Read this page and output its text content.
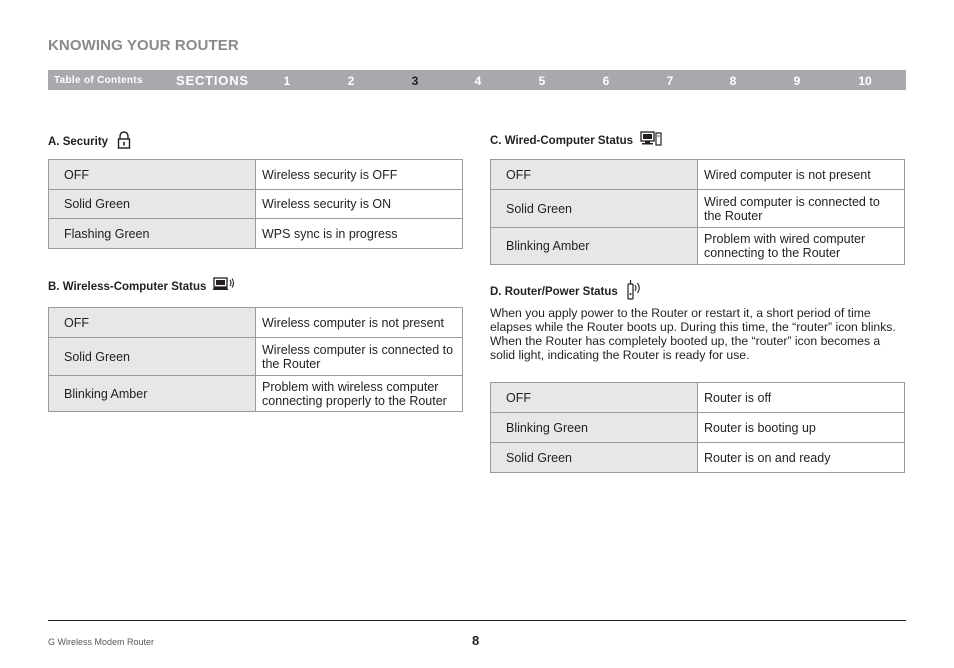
KNOWING YOUR ROUTER
Table of Contents	SECTIONS	1	2	3	4	5	6	7	8	9	10
A. Security
OFF	Wireless security is OFF
Solid Green	Wireless security is ON
Flashing Green	WPS sync is in progress
B. Wireless-Computer Status
OFF	Wireless computer is not present
Solid Green	Wireless computer is connected to the Router
Blinking Amber	Problem with wireless computer connecting properly to the Router
C. Wired-Computer Status
OFF	Wired computer is not present
Solid Green	Wired computer is connected to the Router
Blinking Amber	Problem with wired computer connecting to the Router
D. Router/Power Status
When you apply power to the Router or restart it, a short period of time elapses while the Router boots up. During this time, the “router” icon blinks. When the Router has completely booted up, the “router” icon becomes a solid light, indicating the Router is ready for use.
OFF	Router is off
Blinking Green	Router is booting up
Solid Green	Router is on and ready
G Wireless Modem Router	8
